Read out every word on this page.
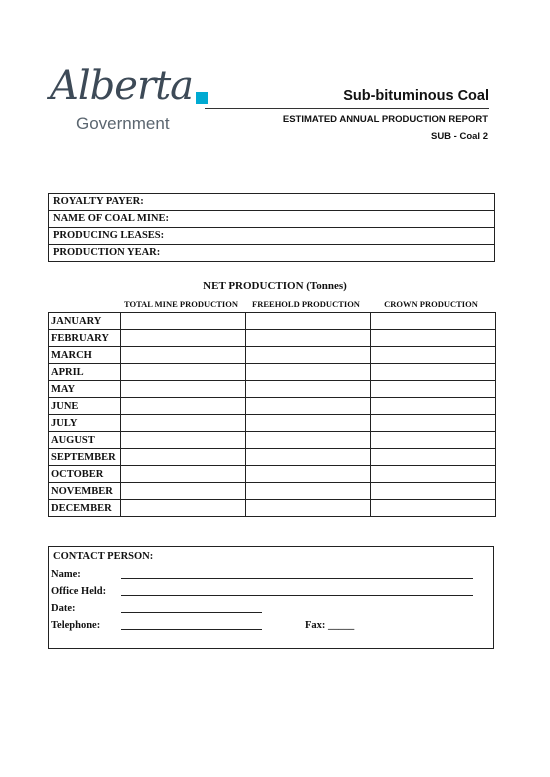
Alberta
Government
Sub-bituminous Coal
ESTIMATED ANNUAL PRODUCTION REPORT
SUB - Coal 2
ROYALTY PAYER:
NAME OF COAL MINE:
PRODUCING LEASES:
PRODUCTION YEAR:
NET PRODUCTION (Tonnes)
TOTAL MINE PRODUCTION	FREEHOLD PRODUCTION	CROWN PRODUCTION
JANUARY			
FEBRUARY			
MARCH			
APRIL			
MAY			
JUNE			
JULY			
AUGUST			
SEPTEMBER			
OCTOBER			
NOVEMBER			
DECEMBER			
CONTACT PERSON:
Name:
Office Held:
Date:
Telephone:	Fax: _____
